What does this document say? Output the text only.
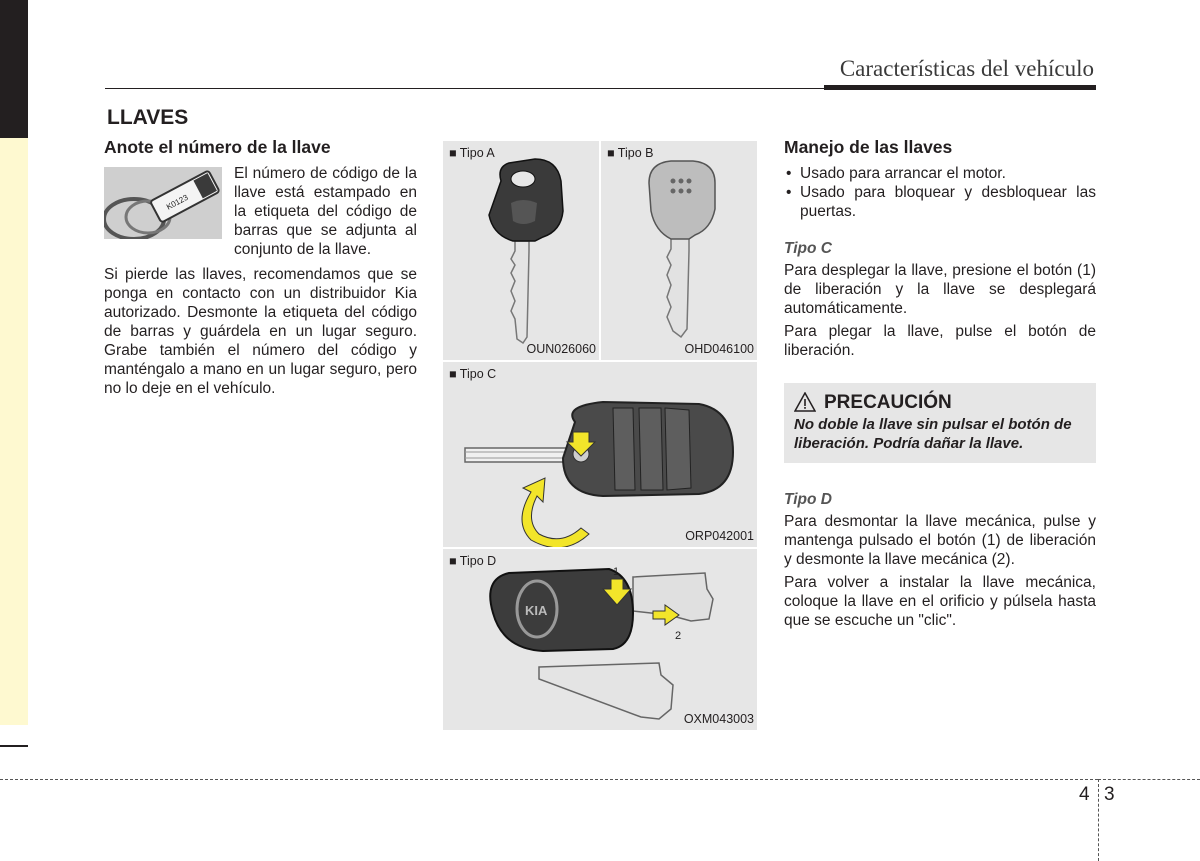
Características del vehículo
LLAVES
Anote el número de la llave
K0123
El número de código de la llave está estampado en la etiqueta del código de barras que se adjunta al conjunto de la llave.

Si pierde las llaves, recomendamos que se ponga en contacto con un distribuidor Kia autorizado. Desmonte la etiqueta del código de barras y guárdela en un lugar seguro. Grabe también el número del código y manténgalo a mano en un lugar seguro, pero no lo deje en el vehículo.

■ Tipo A
OUN026060
■ Tipo B
OHD046100
■ Tipo C
ORP042001
KIA
1
2
■ Tipo D
OXM043003
Manejo de las llaves
• Usado para arrancar el motor.
• Usado para bloquear y desbloquear las puertas.
Tipo C

Para desplegar la llave, presione el botón (1) de liberación y la llave se desplegará automáticamente.

Para plegar la llave, pulse el botón de liberación.

PRECAUCIÓN
No doble la llave sin pulsar el botón de liberación. Podría dañar la llave.
Tipo D

Para desmontar la llave mecánica, pulse y mantenga pulsado el botón (1) de liberación y desmonte la llave mecánica (2).

Para volver a instalar la llave mecánica, coloque la llave en el orificio y púlsela hasta que se escuche un "clic".

4 3
